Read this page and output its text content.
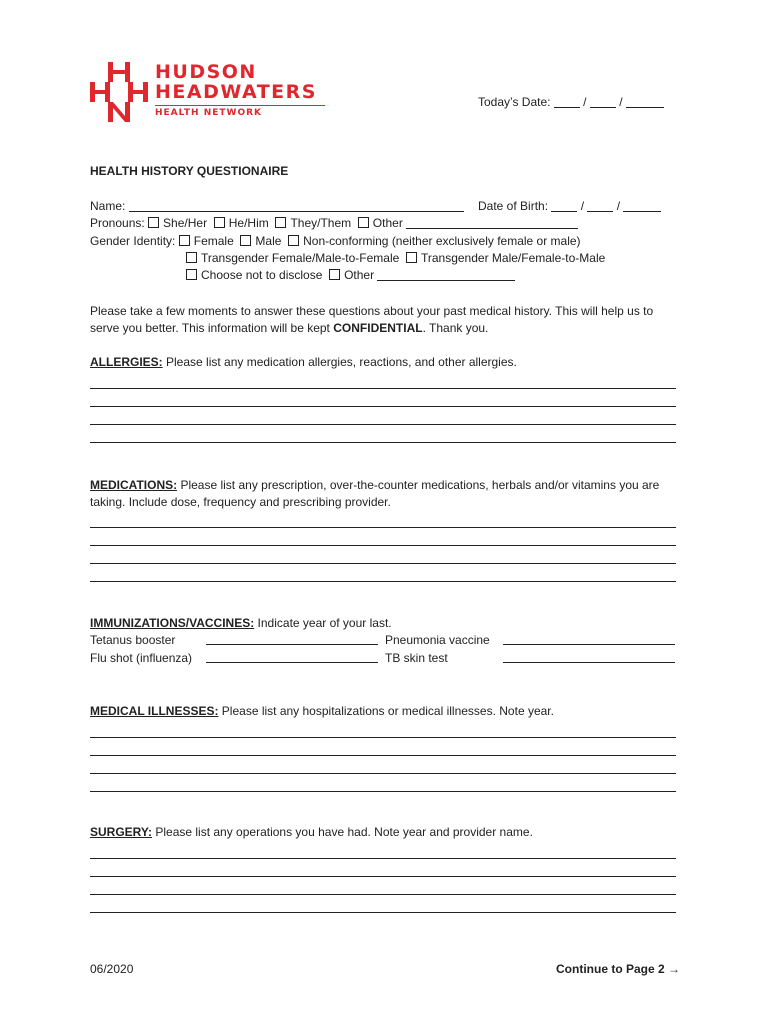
HUDSON
HEADWATERS
HEALTH NETWORK
Today’s Date:  /  /
HEALTH HISTORY QUESTIONAIRE
Name:	Date of Birth:  /  /
Pronouns: She/Her He/Him They/Them Other
Gender Identity: Female Male Non-conforming (neither exclusively female or male)
Transgender Female/Male-to-Female Transgender Male/Female-to-Male
Choose not to disclose Other
Please take a few moments to answer these questions about your past medical history. This will help us to serve you better. This information will be kept CONFIDENTIAL. Thank you.
ALLERGIES: Please list any medication allergies, reactions, and other allergies.
MEDICATIONS: Please list any prescription, over-the-counter medications, herbals and/or vitamins you are taking. Include dose, frequency and prescribing provider.
IMMUNIZATIONS/VACCINES: Indicate year of your last.
Tetanus booster	Pneumonia vaccine
Flu shot (influenza)	TB skin test
MEDICAL ILLNESSES: Please list any hospitalizations or medical illnesses. Note year.
SURGERY: Please list any operations you have had. Note year and provider name.
06/2020	Continue to Page 2 →
